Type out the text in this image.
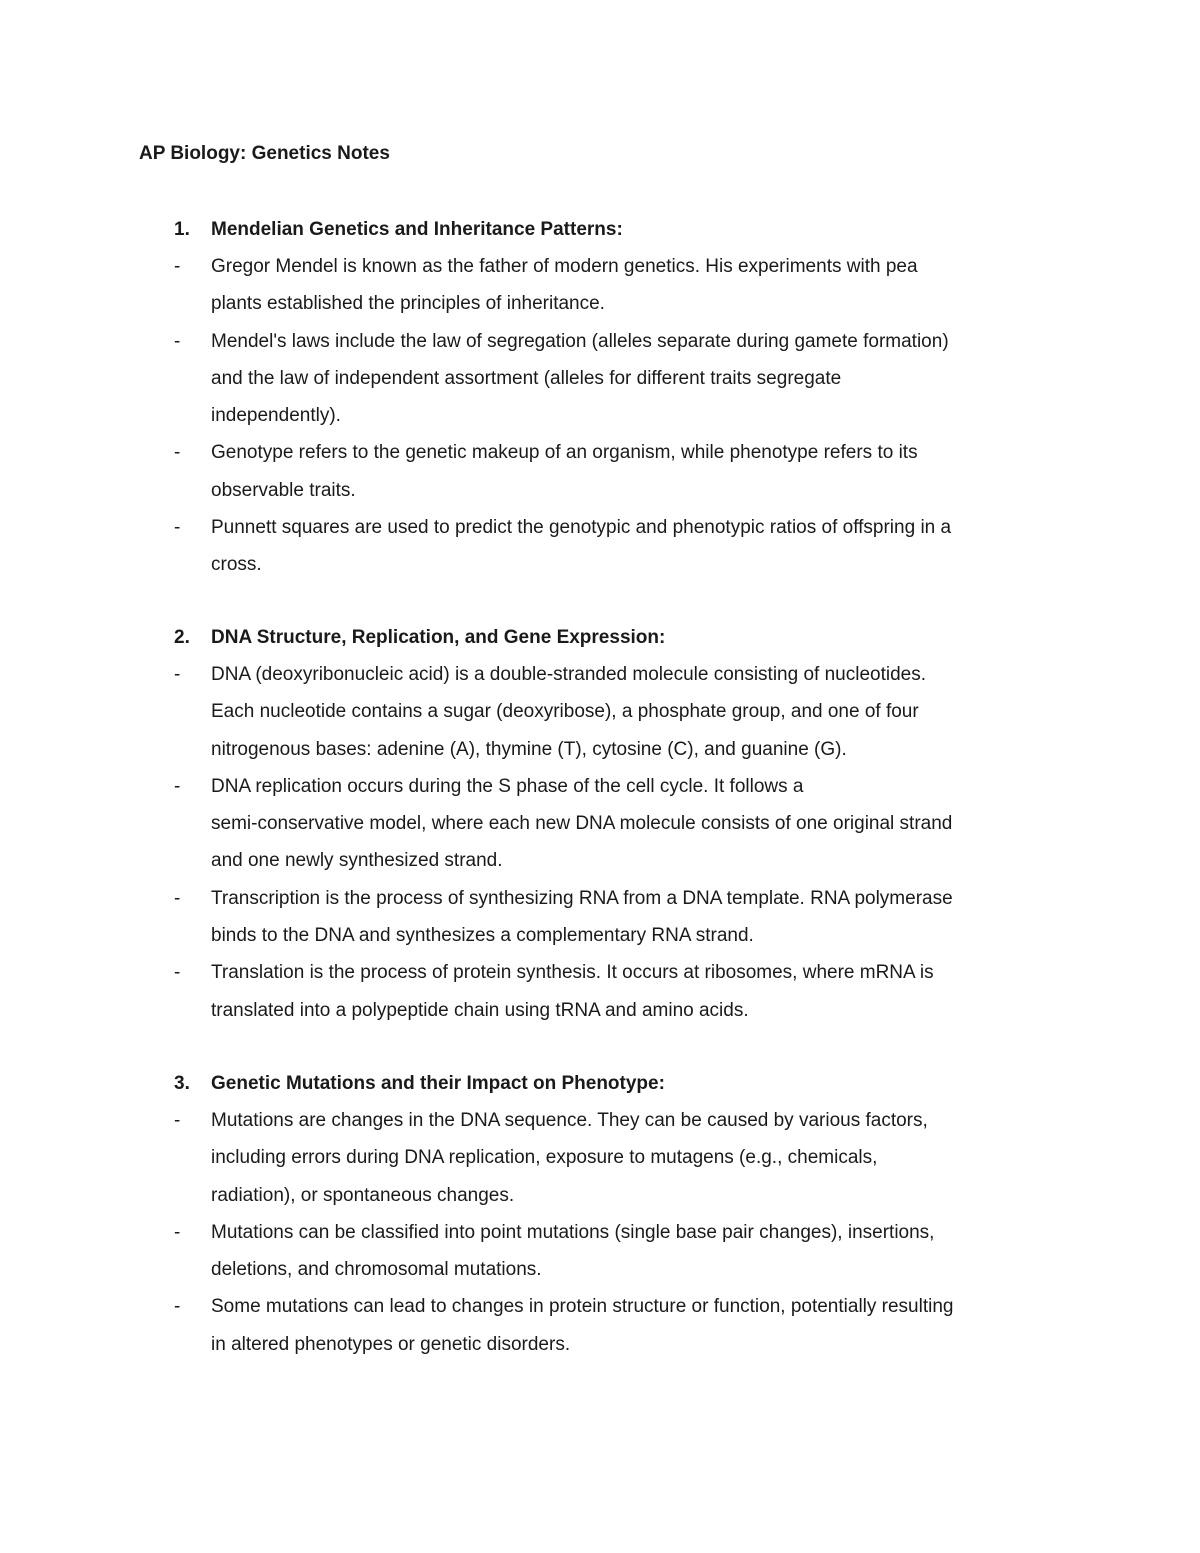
AP Biology: Genetics Notes
1.	Mendelian Genetics and Inheritance Patterns:
-	Gregor Mendel is known as the father of modern genetics. His experiments with pea
plants established the principles of inheritance.
-	Mendel's laws include the law of segregation (alleles separate during gamete formation)
and the law of independent assortment (alleles for different traits segregate
independently).
-	Genotype refers to the genetic makeup of an organism, while phenotype refers to its
observable traits.
-	Punnett squares are used to predict the genotypic and phenotypic ratios of offspring in a
cross.
2.	DNA Structure, Replication, and Gene Expression:
-	DNA (deoxyribonucleic acid) is a double-stranded molecule consisting of nucleotides.
Each nucleotide contains a sugar (deoxyribose), a phosphate group, and one of four
nitrogenous bases: adenine (A), thymine (T), cytosine (C), and guanine (G).
-	DNA replication occurs during the S phase of the cell cycle. It follows a
semi-conservative model, where each new DNA molecule consists of one original strand
and one newly synthesized strand.
-	Transcription is the process of synthesizing RNA from a DNA template. RNA polymerase
binds to the DNA and synthesizes a complementary RNA strand.
-	Translation is the process of protein synthesis. It occurs at ribosomes, where mRNA is
translated into a polypeptide chain using tRNA and amino acids.
3.	Genetic Mutations and their Impact on Phenotype:
-	Mutations are changes in the DNA sequence. They can be caused by various factors,
including errors during DNA replication, exposure to mutagens (e.g., chemicals,
radiation), or spontaneous changes.
-	Mutations can be classified into point mutations (single base pair changes), insertions,
deletions, and chromosomal mutations.
-	Some mutations can lead to changes in protein structure or function, potentially resulting
in altered phenotypes or genetic disorders.
